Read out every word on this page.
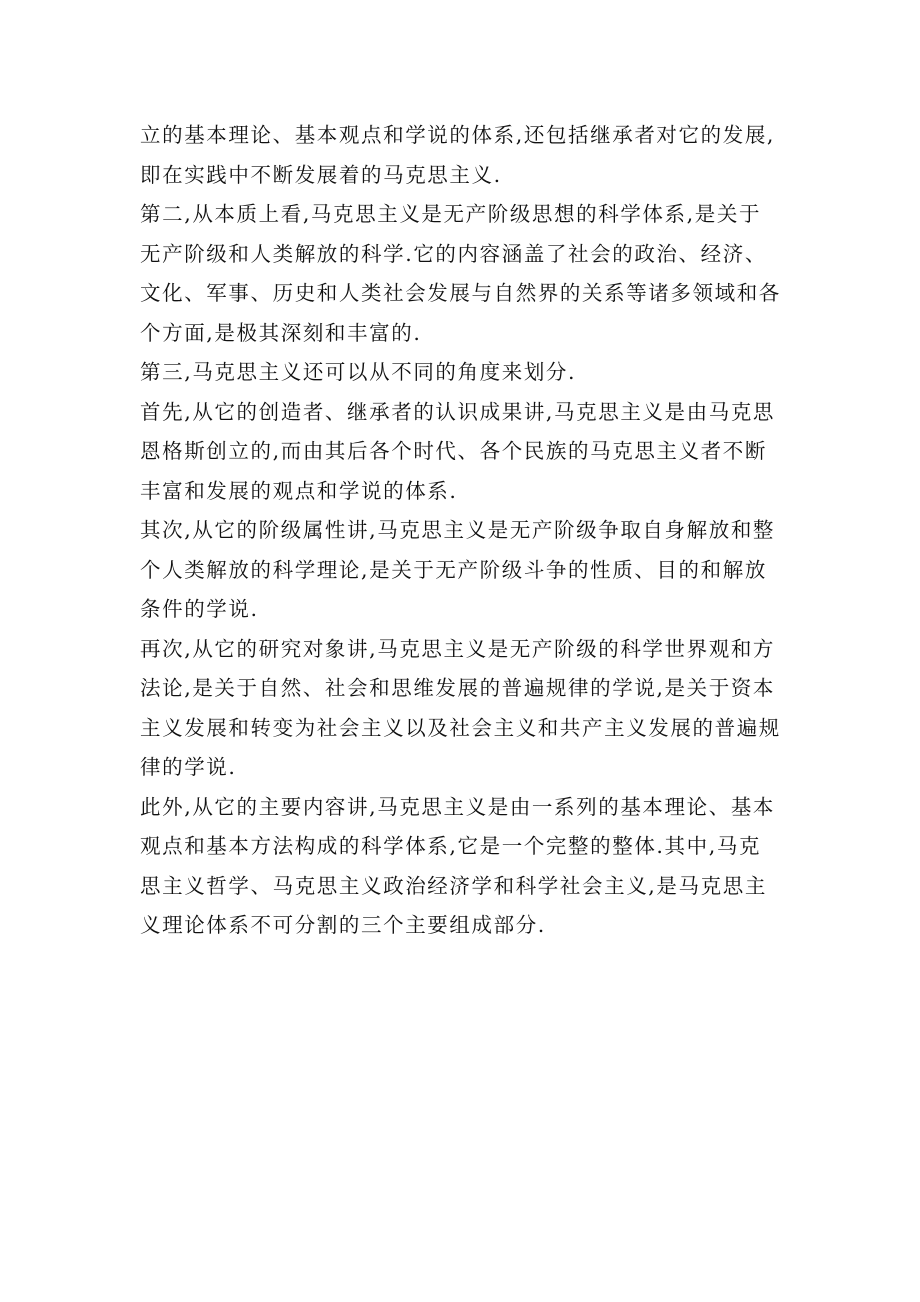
立的基本理论、基本观点和学说的体系,还包括继承者对它的发展,
即在实践中不断发展着的马克思主义.

第二,从本质上看,马克思主义是无产阶级思想的科学体系,是关于
无产阶级和人类解放的科学.它的内容涵盖了社会的政治、经济、
文化、军事、历史和人类社会发展与自然界的关系等诸多领域和各
个方面,是极其深刻和丰富的.

第三,马克思主义还可以从不同的角度来划分.

首先,从它的创造者、继承者的认识成果讲,马克思主义是由马克思
恩格斯创立的,而由其后各个时代、各个民族的马克思主义者不断
丰富和发展的观点和学说的体系.

其次,从它的阶级属性讲,马克思主义是无产阶级争取自身解放和整
个人类解放的科学理论,是关于无产阶级斗争的性质、目的和解放
条件的学说.

再次,从它的研究对象讲,马克思主义是无产阶级的科学世界观和方
法论,是关于自然、社会和思维发展的普遍规律的学说,是关于资本
主义发展和转变为社会主义以及社会主义和共产主义发展的普遍规
律的学说.

此外,从它的主要内容讲,马克思主义是由一系列的基本理论、基本
观点和基本方法构成的科学体系,它是一个完整的整体.其中,马克
思主义哲学、马克思主义政治经济学和科学社会主义,是马克思主
义理论体系不可分割的三个主要组成部分.
